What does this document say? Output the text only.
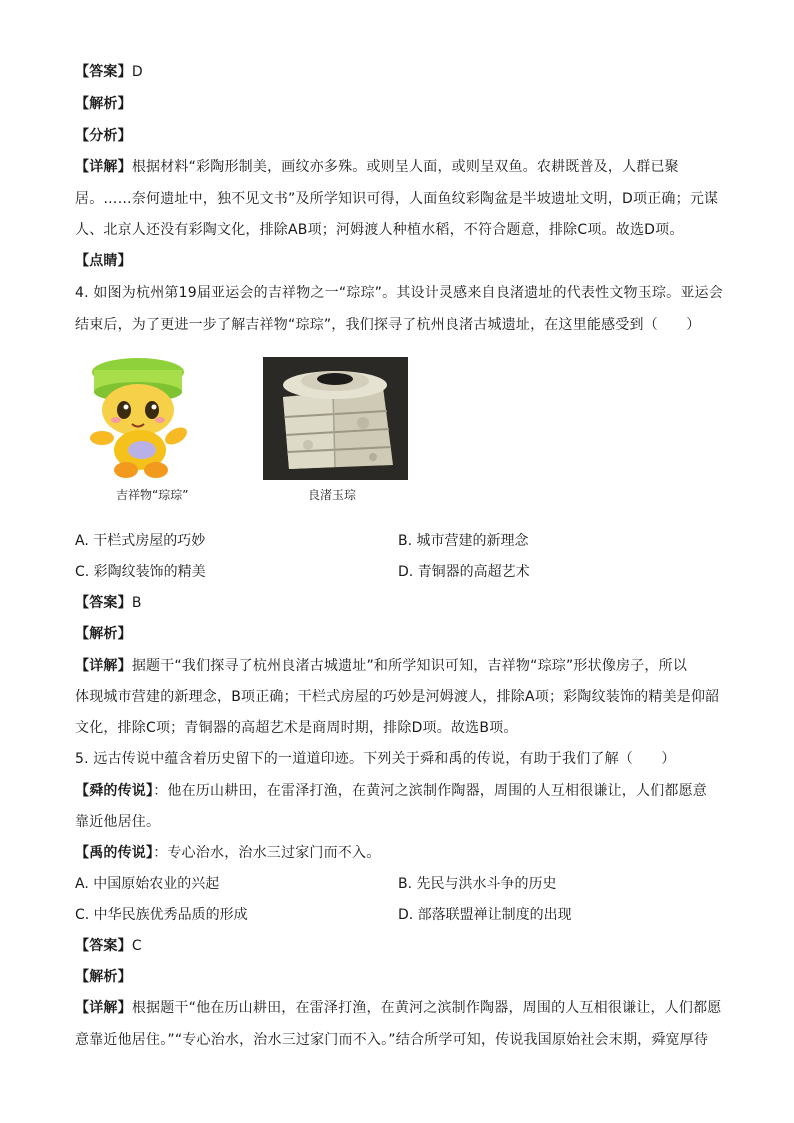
【答案】D
【解析】
【分析】
【详解】根据材料“彩陶形制美，画纹亦多殊。或则呈人面，或则呈双鱼。农耕既普及，人群已聚
居。……奈何遗址中，独不见文书”及所学知识可得，人面鱼纹彩陶盆是半坡遗址文明，D项正确；元谋
人、北京人还没有彩陶文化，排除AB项；河姆渡人种植水稻，不符合题意，排除C项。故选D项。
【点睛】
4. 如图为杭州第19届亚运会的吉祥物之一“琮琮”。其设计灵感来自良渚遗址的代表性文物玉琮。亚运会
结束后，为了更进一步了解吉祥物“琮琮”，我们探寻了杭州良渚古城遗址，在这里能感受到（　　）
吉祥物“琮琮”	良渚玉琮
A. 干栏式房屋的巧妙	B. 城市营建的新理念
C. 彩陶纹装饰的精美	D. 青铜器的高超艺术
【答案】B
【解析】
【详解】据题干“我们探寻了杭州良渚古城遗址”和所学知识可知，吉祥物“琮琮”形状像房子，所以
体现城市营建的新理念，B项正确；干栏式房屋的巧妙是河姆渡人，排除A项；彩陶纹装饰的精美是仰韶
文化，排除C项；青铜器的高超艺术是商周时期，排除D项。故选B项。
5. 远古传说中蕴含着历史留下的一道道印迹。下列关于舜和禹的传说，有助于我们了解（　　）
【舜的传说】：他在历山耕田，在雷泽打渔，在黄河之滨制作陶器，周围的人互相很谦让，人们都愿意
靠近他居住。
【禹的传说】：专心治水，治水三过家门而不入。
A. 中国原始农业的兴起	B. 先民与洪水斗争的历史
C. 中华民族优秀品质的形成	D. 部落联盟禅让制度的出现
【答案】C
【解析】
【详解】根据题干“他在历山耕田，在雷泽打渔，在黄河之滨制作陶器，周围的人互相很谦让，人们都愿
意靠近他居住。”“专心治水，治水三过家门而不入。”结合所学可知，传说我国原始社会末期，舜宽厚待
